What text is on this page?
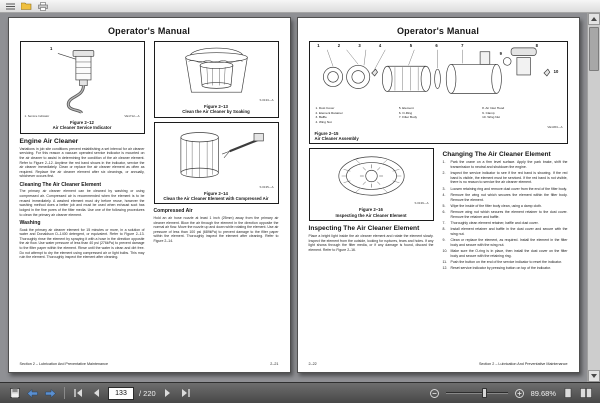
Operator's Manual
1
1. Service Indicator	VE1712—A
Figure 2–12
Air Cleaner Service Indicator
Engine Air Cleaner

Variations in job site conditions prevent establishing a set interval for air cleaner servicing. For this reason a vacuum operated service indicator is mounted on the air cleaner to assist in determining the condition of the air cleaner element. Refer to Figure 2–12. Anytime the red band shows in the indicator, service the air cleaner immediately. Clean or replace the air cleaner element as often as required. Replace the air cleaner element after six cleanings, or annually, whichever occurs first.

Cleaning The Air Cleaner Element

The primary air cleaner element can be cleaned by washing or using compressed air. Compressed air is recommended when the element is to be reused immediately. A washed element must dry before reuse, however the washing method does a better job and must be used when exhaust soot has lodged in the fine pores of the filter media. Use one of the following procedures to clean the primary air cleaner element.

Washing

Soak the primary air cleaner element for 15 minutes or more, in a solution of water and Donaldson D–1400 detergent, or equivalent. Refer to Figure 2–13. Thoroughly rinse the element by spraying it with a hose in the direction opposite the air flow. Use water pressure of less than 40 psi (276kPa) to prevent damage to the filter paper within the element. Rinse until the water is clean and dirt free. Do not attempt to dry the element using compressed air or light bulbs. This may ruin the element. Thoroughly inspect the element after cleaning.

S 0133—A
Figure 2–13
Clean the Air Cleaner by Soaking
S 0135—A
Figure 2–14
Clean the Air Cleaner Element with Compressed Air
Compressed Air

Hold an air hose nozzle at least 1 inch (25mm) away from the primary air cleaner element. Blow the air through the element in the direction opposite the normal air flow. Move the nozzle up and down while rotating the element. Use air pressure of less than 100 psi (689kPa) to prevent damage to the filter paper within the element. Thoroughly inspect the element after cleaning. Refer to Figure 2–14.

Section 2 – Lubrication And Preventative Maintenance	2–21
Operator's Manual
1	2	3	4	5	6	7	8
9
10
1. Dust Cover
2. Element Retainer
3. Baffle
4. Wing Nut
5. Element
6. O-Ring
7. Filter Body
8. Air Inlet Hood
9. Clamp
10. Wing Nut
VE1363—A
Figure 2–15
Air Cleaner Assembly
S 0139—A
Figure 2–16
Inspecting the Air Cleaner Element
Inspecting The Air Cleaner Element

Place a bright light inside the air cleaner element and rotate the element slowly. Inspect the element from the outside, looking for ruptures, tears and holes. If any light shows through the filter media, or if any damage is found, discard the element. Refer to Figure 2–16.

Changing The Air Cleaner Element
1.	Park the crane on a firm level surface. Apply the park brake, shift the transmission to neutral and shutdown the engine.
2.	Inspect the service indicator to see if the red band is showing. If the red band is visible, the element must be serviced. If the red band is not visible, there is no reason to service the air cleaner element.
3.	Loosen retaining ring and remove dust cover from the end of the filter body.
4.	Remove the wing nut which secures the element within the filter body. Remove the element.
5.	Wipe the inside of the filter body clean, using a damp cloth.
6.	Remove wing nut which secures the element retainer to the dust cover. Remove the retainer and baffle.
7.	Thoroughly clean element retainer, baffle and dust cover.
8.	Install element retainer and baffle in the dust cover and secure with the wing nut.
9.	Clean or replace the element, as required. Install the element in the filter body and secure with the wing nut.
10. Make sure the O-ring is in place, then install the dust cover on the filter body and secure with the retaining ring.
11. Push the button on the end of the service indicator to reset the indicator.
12. Reset service indicator by pressing button on top of the indicator.
2–22	Section 2 – Lubrication And Preventative Maintenance
133
/ 220	89.68%
